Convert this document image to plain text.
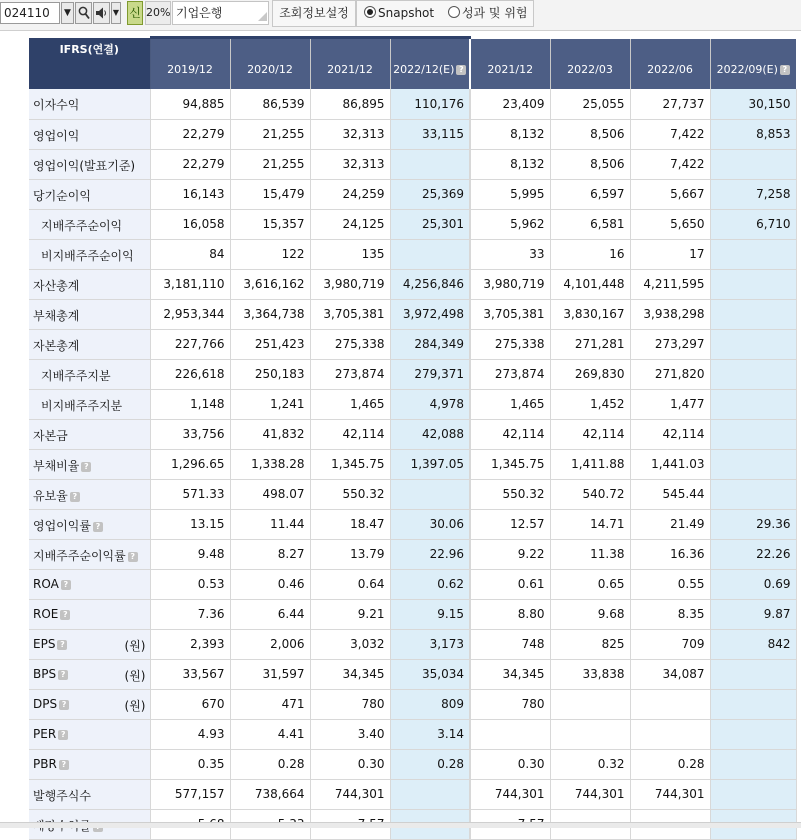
024110	▼	▼ 신 20% 기업은행	조회정보설정	Snapshot 성과 및 위험
IFRS(연결)	2019/12	2020/12	2021/12	2022/12(E) ?	2021/12	2022/03	2022/06	2022/09(E) ?
이자수익	94,885	86,539	86,895	110,176	23,409	25,055	27,737	30,150
영업이익	22,279	21,255	32,313	33,115	8,132	8,506	7,422	8,853
영업이익(발표기준)	22,279	21,255	32,313		8,132	8,506	7,422	
당기순이익	16,143	15,479	24,259	25,369	5,995	6,597	5,667	7,258
지배주주순이익	16,058	15,357	24,125	25,301	5,962	6,581	5,650	6,710
비지배주주순이익	84	122	135		33	16	17	
자산총계	3,181,110	3,616,162	3,980,719	4,256,846	3,980,719	4,101,448	4,211,595	
부채총계	2,953,344	3,364,738	3,705,381	3,972,498	3,705,381	3,830,167	3,938,298	
자본총계	227,766	251,423	275,338	284,349	275,338	271,281	273,297	
지배주주지분	226,618	250,183	273,874	279,371	273,874	269,830	271,820	
비지배주주지분	1,148	1,241	1,465	4,978	1,465	1,452	1,477	
자본금	33,756	41,832	42,114	42,088	42,114	42,114	42,114	
부채비율 ?	1,296.65	1,338.28	1,345.75	1,397.05	1,345.75	1,411.88	1,441.03	
유보율 ?	571.33	498.07	550.32		550.32	540.72	545.44	
영업이익률 ?	13.15	11.44	18.47	30.06	12.57	14.71	21.49	29.36
지배주주순이익률 ?	9.48	8.27	13.79	22.96	9.22	11.38	16.36	22.26
ROA ?	0.53	0.46	0.64	0.62	0.61	0.65	0.55	0.69
ROE ?	7.36	6.44	9.21	9.15	8.80	9.68	8.35	9.87
EPS ? (원)	2,393	2,006	3,032	3,173	748	825	709	842
BPS ? (원)	33,567	31,597	34,345	35,034	34,345	33,838	34,087	
DPS ? (원)	670	471	780	809	780			
PER ?	4.93	4.41	3.40	3.14				
PBR ?	0.35	0.28	0.30	0.28	0.30	0.32	0.28	
발행주식수	577,157	738,664	744,301		744,301	744,301	744,301	
